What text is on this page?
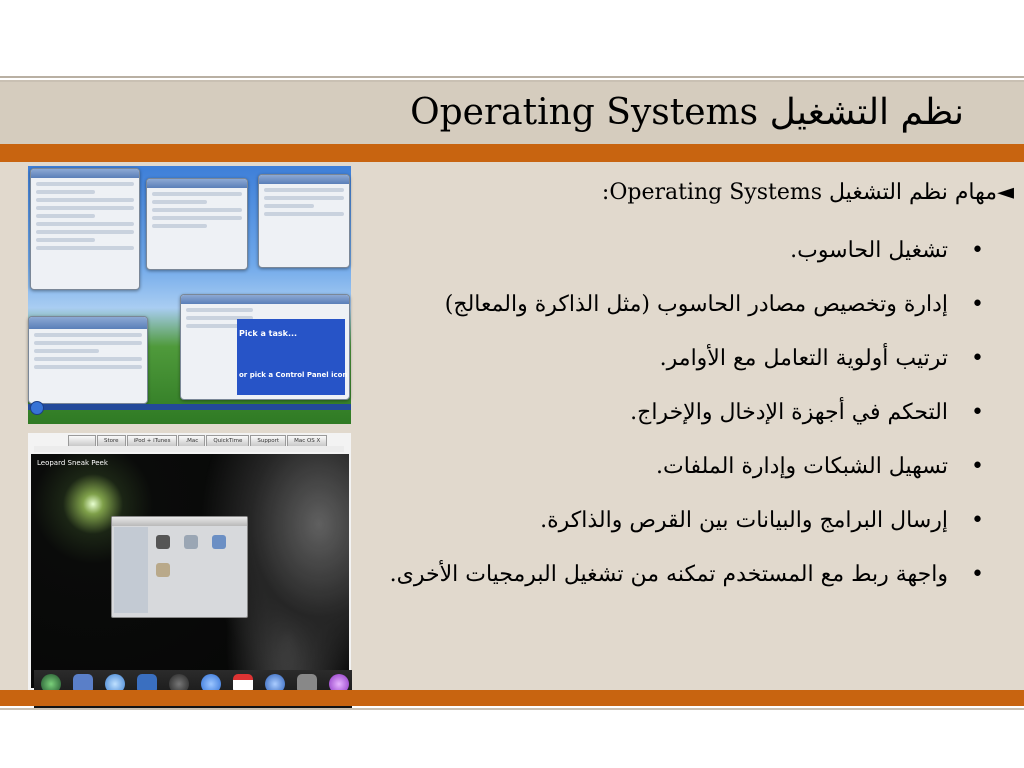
Operating Systems نظم التشغيل
Pick a task...
or pick a Control Panel icon
Store	iPod + iTunes	.Mac	QuickTime	Support	Mac OS X
Leopard Sneak Peek
◄مهام نظم التشغيل Operating Systems:
• تشغيل الحاسوب.
• إدارة وتخصيص مصادر الحاسوب (مثل الذاكرة والمعالج)
• ترتيب أولوية التعامل مع الأوامر.
• التحكم في أجهزة الإدخال والإخراج.
• تسهيل الشبكات وإدارة الملفات.
• إرسال البرامج والبيانات بين القرص والذاكرة.
• واجهة ربط مع المستخدم تمكنه من تشغيل البرمجيات الأخرى.
